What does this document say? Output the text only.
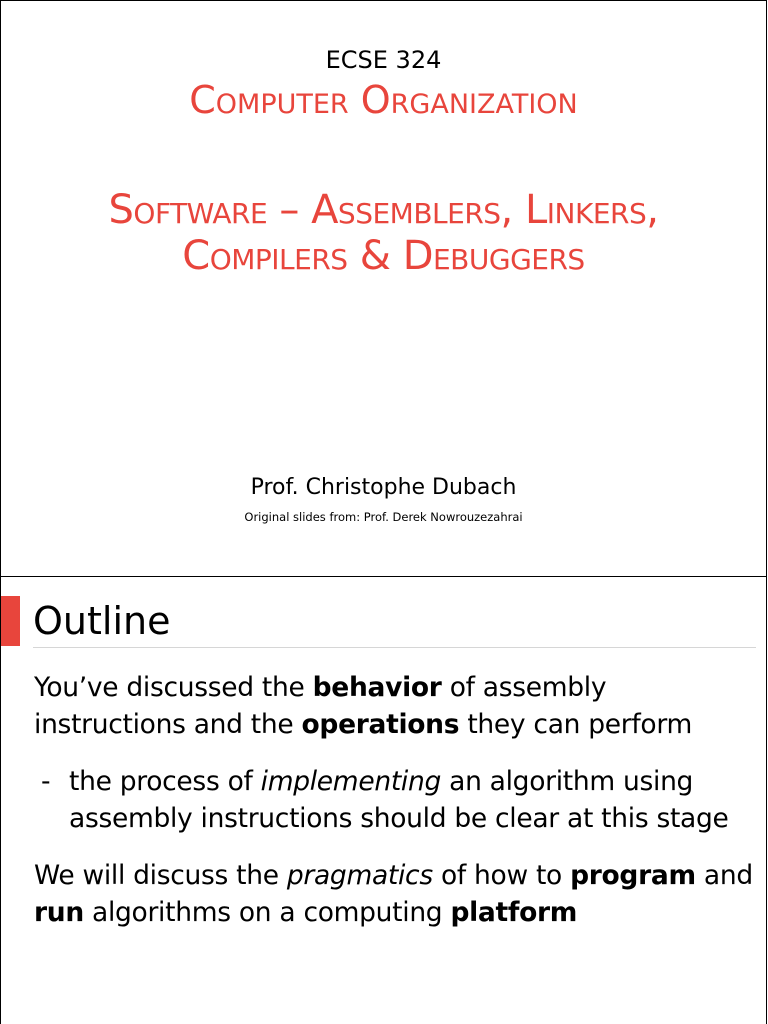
ECSE 324
Computer Organization
Software – Assemblers, Linkers,
Compilers & Debuggers
Prof. Christophe Dubach
Original slides from: Prof. Derek Nowrouzezahrai
Outline
You’ve discussed the behavior of assembly instructions and the operations they can perform
- the process of implementing an algorithm using assembly instructions should be clear at this stage
We will discuss the pragmatics of how to program and run algorithms on a computing platform
